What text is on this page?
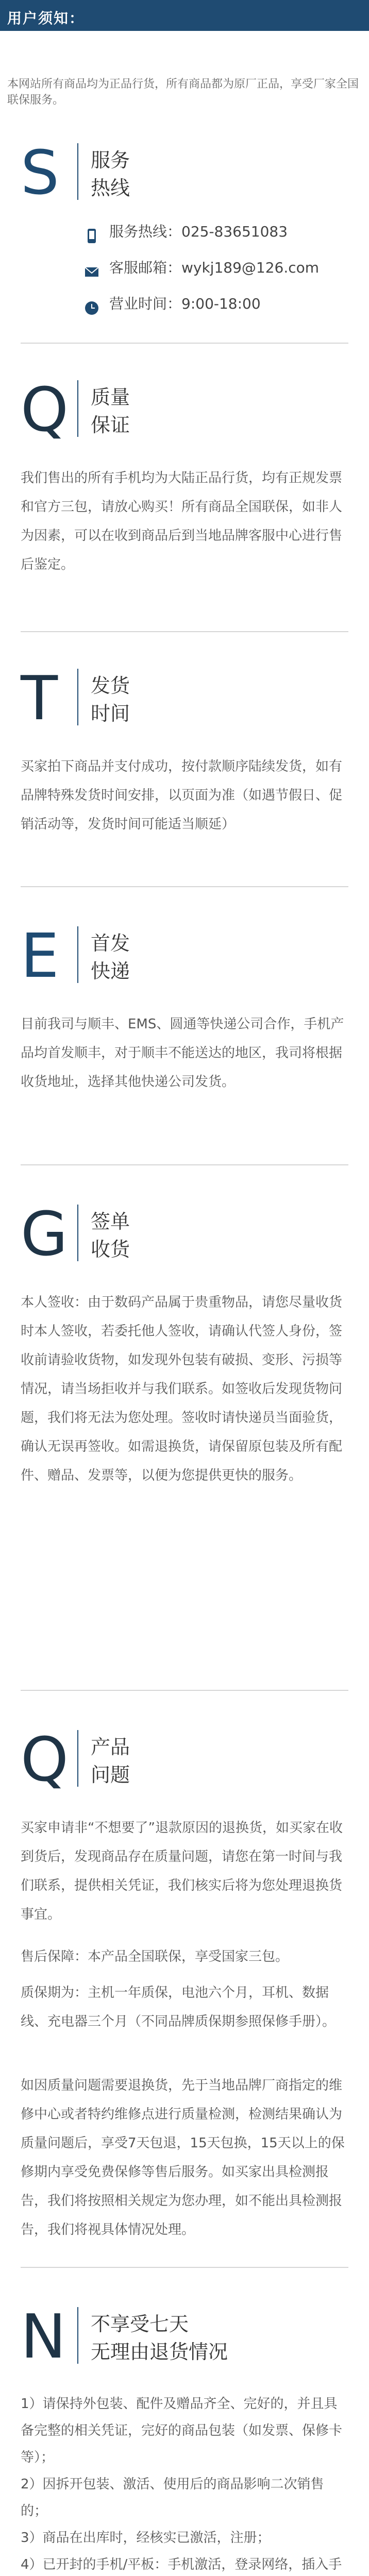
用户须知：
本网站所有商品均为正品行货，所有商品都为原厂正品，享受厂家全国联保服务。
S	服务
热线
服务热线：025-83651083
客服邮箱：wykj189@126.com
营业时间：9:00-18:00
Q 质量
保证
我们售出的所有手机均为大陆正品行货，均有正规发票和官方三包，请放心购买！所有商品全国联保，如非人为因素，可以在收到商品后到当地品牌客服中心进行售后鉴定。
T	发货
时间
买家拍下商品并支付成功，按付款顺序陆续发货，如有品牌特殊发货时间安排，以页面为准（如遇节假日、促销活动等，发货时间可能适当顺延）
E	首发
快递
目前我司与顺丰、EMS、圆通等快递公司合作，手机产品均首发顺丰，对于顺丰不能送达的地区，我司将根据收货地址，选择其他快递公司发货。
G 签单
收货
本人签收：由于数码产品属于贵重物品，请您尽量收货时本人签收，若委托他人签收，请确认代签人身份，签收前请验收货物，如发现外包装有破损、变形、污损等情况，请当场拒收并与我们联系。如签收后发现货物问题，我们将无法为您处理。签收时请快递员当面验货，确认无误再签收。如需退换货，请保留原包装及所有配件、赠品、发票等，以便为您提供更快的服务。
Q 产品
问题
买家申请非“不想要了”退款原因的退换货，如买家在收到货后，发现商品存在质量问题，请您在第一时间与我们联系，提供相关凭证，我们核实后将为您处理退换货事宜。
售后保障：本产品全国联保，享受国家三包。
质保期为：主机一年质保，电池六个月，耳机、数据线、充电器三个月（不同品牌质保期参照保修手册）。
如因质量问题需要退换货，先于当地品牌厂商指定的维修中心或者特约维修点进行质量检测，检测结果确认为质量问题后，享受7天包退，15天包换，15天以上的保修期内享受免费保修等售后服务。如买家出具检测报告，我们将按照相关规定为您办理，如不能出具检测报告，我们将视具体情况处理。
N	不享受七天
无理由退货情况

1）请保持外包装、配件及赠品齐全、完好的，并且具备完整的相关凭证，完好的商品包装（如发票、保修卡等）；

2）因拆开包装、激活、使用后的商品影响二次销售的；

3）商品在出库时，经核实已激活，注册；

4）已开封的手机/平板：手机激活，登录网络，插入手
